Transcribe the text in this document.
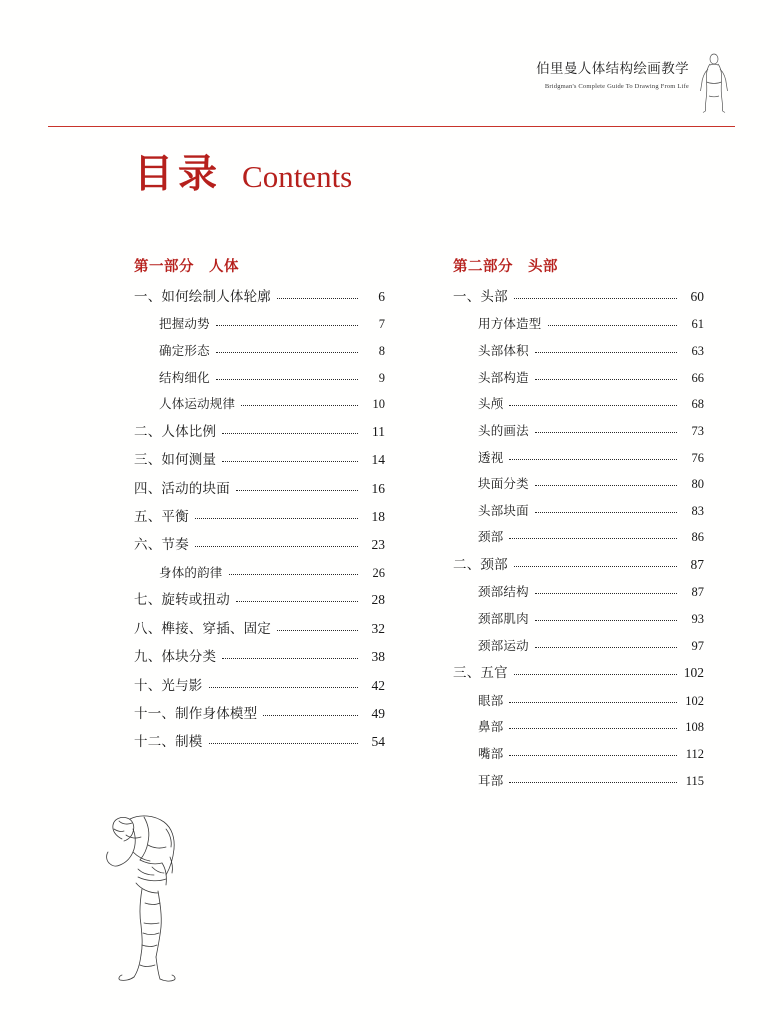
伯里曼人体结构绘画教学
Bridgman's Complete Guide To Drawing From Life
目录 Contents
第一部分　人体
一、如何绘制人体轮廓	6
把握动势	7
确定形态	8
结构细化	9
人体运动规律	10
二、人体比例	11
三、如何测量	14
四、活动的块面	16
五、平衡	18
六、节奏	23
身体的韵律	26
七、旋转或扭动	28
八、榫接、穿插、固定	32
九、体块分类	38
十、光与影	42
十一、制作身体模型	49
十二、制模	54
第二部分　头部
一、头部	60
用方体造型	61
头部体积	63
头部构造	66
头颅	68
头的画法	73
透视	76
块面分类	80
头部块面	83
颈部	86
二、颈部	87
颈部结构	87
颈部肌肉	93
颈部运动	97
三、五官	102
眼部	102
鼻部	108
嘴部	112
耳部	115
